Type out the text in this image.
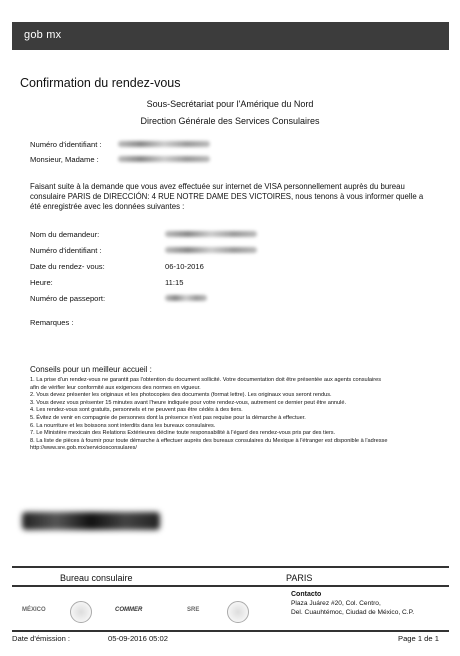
gob mx
Confirmation du rendez-vous
Sous-Secrétariat pour l'Amérique du Nord
Direction Générale des Services Consulaires
Numéro d'identifiant :
Monsieur, Madame :
Faisant suite à la demande que vous avez effectuée sur internet de VISA personnellement auprès du bureau
consulaire PARIS de DIRECCIÓN: 4 RUE NOTRE DAME DES VICTOIRES, nous tenons à vous informer quelle a
été enregistrée avec les données suivantes :
Nom du demandeur:
Numéro d'identifiant :
Date du rendez- vous:	06-10-2016
Heure:	11:15
Numéro de passeport:
Remarques :
Conseils pour un meilleur accueil :
1. La prise d'un rendez-vous ne garantit pas l'obtention du document sollicité. Votre documentation doit être présentée aux agents consulaires
afin de vérifier leur conformité aux exigences des normes en vigueur.
2. Vous devez présenter les originaux et les photocopies des documents (format lettre). Les originaux vous seront rendus.
3. Vous devez vous présenter 15 minutes avant l'heure indiquée pour votre rendez-vous, autrement ce dernier peut être annulé.
4. Les rendez-vous sont gratuits, personnels et ne peuvent pas être cédés à des tiers.
5. Évitez de venir en compagnie de personnes dont la présence n'est pas requise pour la démarche à effectuer.
6. La nourriture et les boissons sont interdits dans les bureaux consulaires.
7. Le Ministère mexicain des Relations Extérieures décline toute responsabilité à l'égard des rendez-vous pris par des tiers.
8. La liste de pièces à fournir pour toute démarche à effectuer auprès des bureaux consulaires du Mexique à l'étranger est disponible à l'adresse
http://www.sre.gob.mx/serviciosconsulares/
Bureau consulaire	PARIS
MÉXICO	COMMER	SRE
Contacto
Plaza Juárez #20, Col. Centro,
Del. Cuauhtémoc, Ciudad de México, C.P.
Date d'émission :	05-09-2016 05:02	Page 1 de 1
